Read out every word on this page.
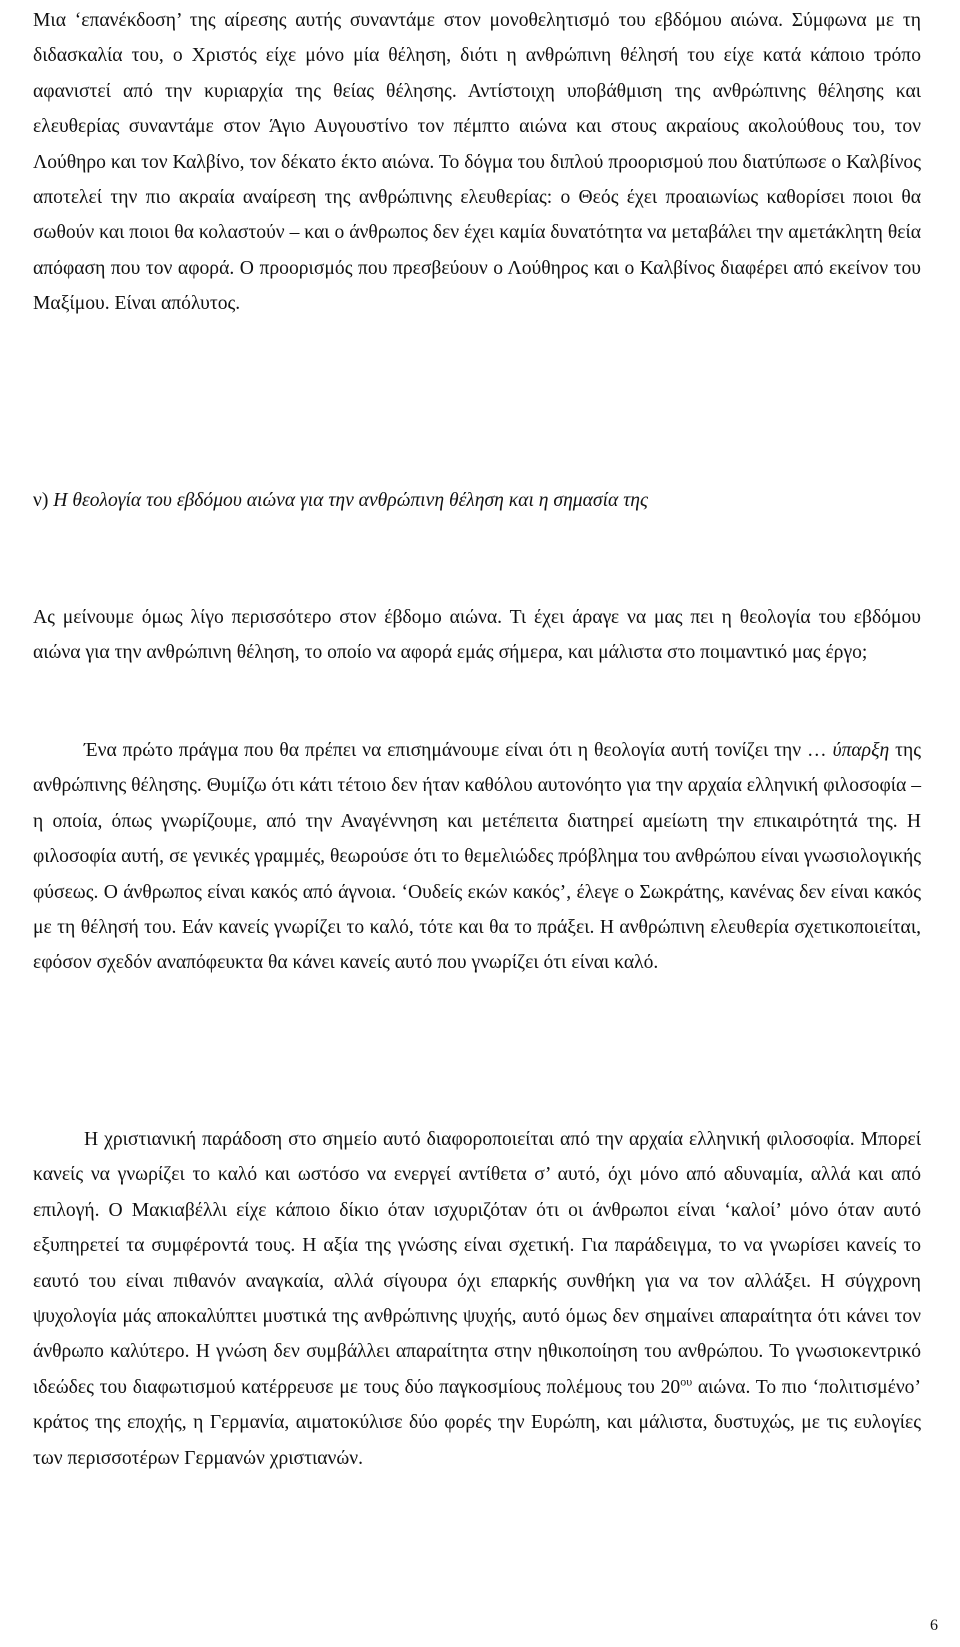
Μια ‘επανέκδοση’ της αίρεσης αυτής συναντάμε στον μονοθελητισμό του εβδόμου αιώνα. Σύμφωνα με τη διδασκαλία του, ο Χριστός είχε μόνο μία θέληση, διότι η ανθρώπινη θέλησή του είχε κατά κάποιο τρόπο αφανιστεί από την κυριαρχία της θείας θέλησης. Αντίστοιχη υποβάθμιση της ανθρώπινης θέλησης και ελευθερίας συναντάμε στον Άγιο Αυγουστίνο τον πέμπτο αιώνα και στους ακραίους ακολούθους του, τον Λούθηρο και τον Καλβίνο, τον δέκατο έκτο αιώνα. Το δόγμα του διπλού προορισμού που διατύπωσε ο Καλβίνος αποτελεί την πιο ακραία αναίρεση της ανθρώπινης ελευθερίας: ο Θεός έχει προαιωνίως καθορίσει ποιοι θα σωθούν και ποιοι θα κολαστούν – και ο άνθρωπος δεν έχει καμία δυνατότητα να μεταβάλει την αμετάκλητη θεία απόφαση που τον αφορά. Ο προορισμός που πρεσβεύουν ο Λούθηρος και ο Καλβίνος διαφέρει από εκείνον του Μαξίμου. Είναι απόλυτος.

ν) Η θεολογία του εβδόμου αιώνα για την ανθρώπινη θέληση και η σημασία της

Ας μείνουμε όμως λίγο περισσότερο στον έβδομο αιώνα. Τι έχει άραγε να μας πει η θεολογία του εβδόμου αιώνα για την ανθρώπινη θέληση, το οποίο να αφορά εμάς σήμερα, και μάλιστα στο ποιμαντικό μας έργο;

Ένα πρώτο πράγμα που θα πρέπει να επισημάνουμε είναι ότι η θεολογία αυτή τονίζει την … ύπαρξη της ανθρώπινης θέλησης. Θυμίζω ότι κάτι τέτοιο δεν ήταν καθόλου αυτονόητο για την αρχαία ελληνική φιλοσοφία – η οποία, όπως γνωρίζουμε, από την Αναγέννηση και μετέπειτα διατηρεί αμείωτη την επικαιρότητά της. Η φιλοσοφία αυτή, σε γενικές γραμμές, θεωρούσε ότι το θεμελιώδες πρόβλημα του ανθρώπου είναι γνωσιολογικής φύσεως. Ο άνθρωπος είναι κακός από άγνοια. ‘Ουδείς εκών κακός’, έλεγε ο Σωκράτης, κανένας δεν είναι κακός με τη θέλησή του. Εάν κανείς γνωρίζει το καλό, τότε και θα το πράξει. Η ανθρώπινη ελευθερία σχετικοποιείται, εφόσον σχεδόν αναπόφευκτα θα κάνει κανείς αυτό που γνωρίζει ότι είναι καλό.

Η χριστιανική παράδοση στο σημείο αυτό διαφοροποιείται από την αρχαία ελληνική φιλοσοφία. Μπορεί κανείς να γνωρίζει το καλό και ωστόσο να ενεργεί αντίθετα σ’ αυτό, όχι μόνο από αδυναμία, αλλά και από επιλογή. Ο Μακιαβέλλι είχε κάποιο δίκιο όταν ισχυριζόταν ότι οι άνθρωποι είναι ‘καλοί’ μόνο όταν αυτό εξυπηρετεί τα συμφέροντά τους. Η αξία της γνώσης είναι σχετική. Για παράδειγμα, το να γνωρίσει κανείς το εαυτό του είναι πιθανόν αναγκαία, αλλά σίγουρα όχι επαρκής συνθήκη για να τον αλλάξει. Η σύγχρονη ψυχολογία μάς αποκαλύπτει μυστικά της ανθρώπινης ψυχής, αυτό όμως δεν σημαίνει απαραίτητα ότι κάνει τον άνθρωπο καλύτερο. Η γνώση δεν συμβάλλει απαραίτητα στην ηθικοποίηση του ανθρώπου. Το γνωσιοκεντρικό ιδεώδες του διαφωτισμού κατέρρευσε με τους δύο παγκοσμίους πολέμους του $20^{o\upsilon}$ αιώνα. Το πιο ‘πολιτισμένο’ κράτος της εποχής, η Γερμανία, αιματοκύλισε δύο φορές την Ευρώπη, και μάλιστα, δυστυχώς, με τις ευλογίες των περισσοτέρων Γερμανών χριστιανών.

6
